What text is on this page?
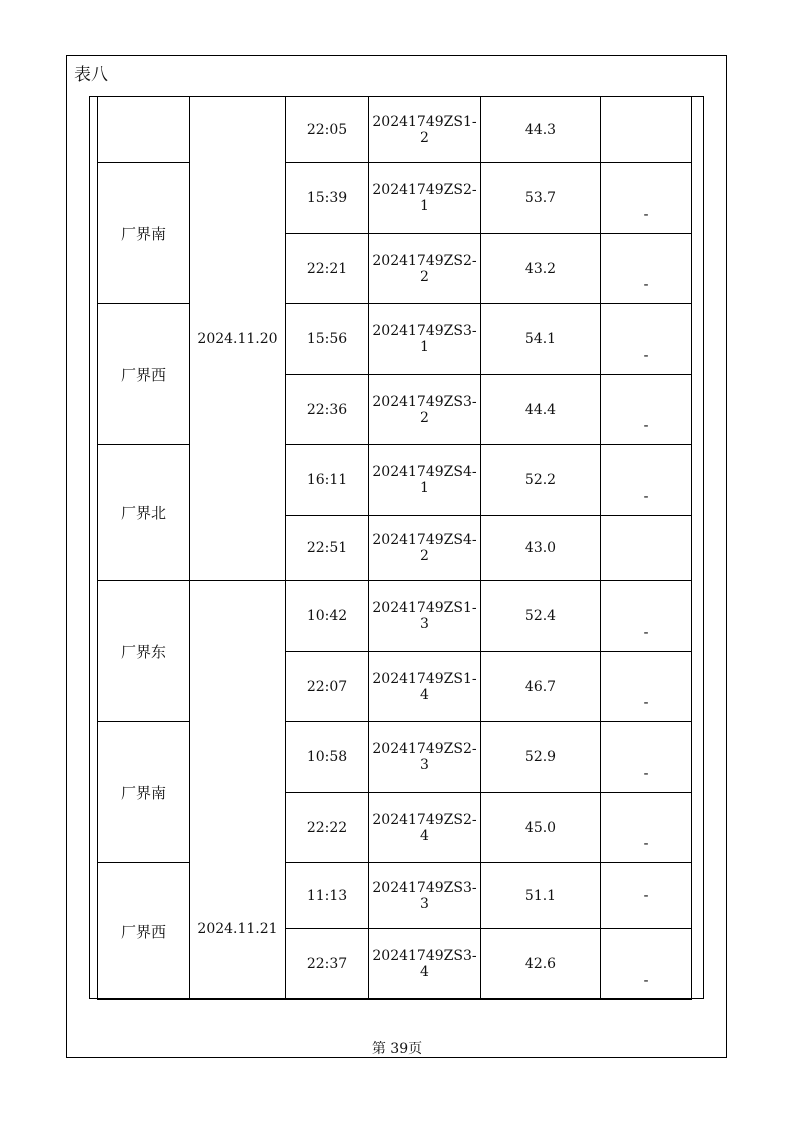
表八
	2024.11.20	22:05	20241749ZS1-2	44.3	
厂界南		15:39	20241749ZS2-1	53.7	-
		22:21	20241749ZS2-2	43.2	-
厂界西		15:56	20241749ZS3-1	54.1	-
		22:36	20241749ZS3-2	44.4	-
厂界北		16:11	20241749ZS4-1	52.2	-
		22:51	20241749ZS4-2	43.0	
厂界东	2024.11.21	10:42	20241749ZS1-3	52.4	-
		22:07	20241749ZS1-4	46.7	-
厂界南		10:58	20241749ZS2-3	52.9	-
		22:22	20241749ZS2-4	45.0	-
厂界西		11:13	20241749ZS3-3	51.1	-
		22:37	20241749ZS3-4	42.6	-
第 39页
